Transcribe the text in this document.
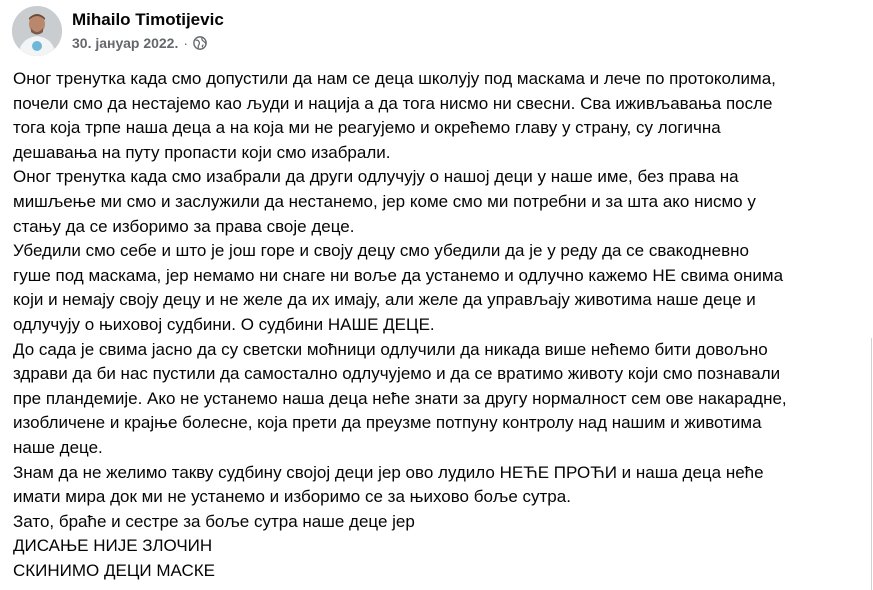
Mihailo Timotijevic
30. јануар 2022. ·

Оног тренутка када смо допустили да нам се деца школују под маскама и лече по протоколима,

почели смо да нестајемо као људи и нација а да тога нисмо ни свесни. Сва иживљавања после

тога која трпе наша деца а на која ми не реагујемо и окрећемо главу у страну, су логична

дешавања на путу пропасти који смо изабрали.

Оног тренутка када смо изабрали да други одлучују о нашој деци у наше име, без права на

мишљење ми смо и заслужили да нестанемо, јер коме смо ми потребни и за шта ако нисмо у

стању да се изборимо за права своје деце.

Убедили смо себе и што је још горе и своју децу смо убедили да је у реду да се свакодневно

гуше под маскама, јер немамо ни снаге ни воље да устанемо и одлучно кажемо НЕ свима онима

који и немају своју децу и не желе да их имају, али желе да управљају животима наше деце и

одлучују о њиховој судбини. О судбини НАШЕ ДЕЦЕ.

До сада је свима јасно да су светски моћници одлучили да никада више нећемо бити довољно

здрави да би нас пустили да самостално одлучујемо и да се вратимо животу који смо познавали

пре пландемије. Ако не устанемо наша деца неће знати за другу нормалност сем ове накарадне,

изобличене и крајње болесне, која прети да преузме потпуну контролу над нашим и животима

наше деце.

Знам да не желимо такву судбину својој деци јер ово лудило НЕЋЕ ПРОЋИ и наша деца неће

имати мира док ми не устанемо и изборимо се за њихово боље сутра.

Зато, браће и сестре за боље сутра наше деце јер

ДИСАЊЕ НИЈЕ ЗЛОЧИН

СКИНИМО ДЕЦИ МАСКЕ
